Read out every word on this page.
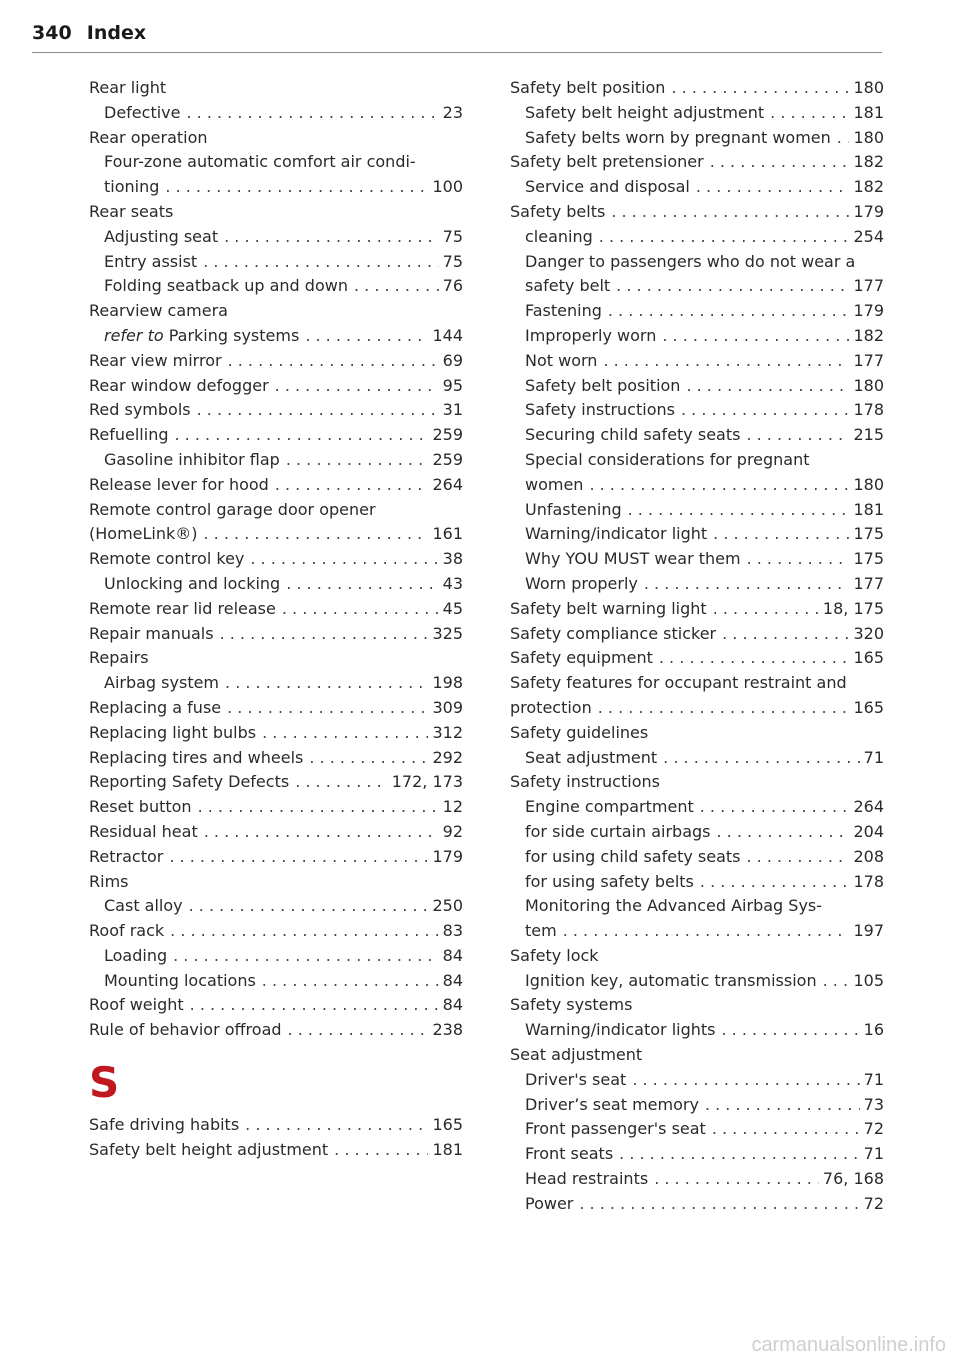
340 Index
Rear light
Defective . . .	23
Rear operation
Four-zone automatic comfort air condi-
tioning . . .	100
Rear seats
Adjusting seat . . .	75
Entry assist . . .	75
Folding seatback up and down . . .	76
Rearview camera
refer to Parking systems . . .	144
Rear view mirror . . .	69
Rear window defogger . . .	95
Red symbols . . .	31
Refuelling . . .	259
Gasoline inhibitor flap . . .	259
Release lever for hood . . .	264
Remote control garage door opener
(HomeLink®) . . .	161
Remote control key . . .	38
Unlocking and locking . . .	43
Remote rear lid release . . .	45
Repair manuals . . .	325
Repairs
Airbag system . . .	198
Replacing a fuse . . .	309
Replacing light bulbs . . .	312
Replacing tires and wheels . . .	292
Reporting Safety Defects . . .	172, 173
Reset button . . .	12
Residual heat . . .	92
Retractor . . .	179
Rims
Cast alloy . . .	250
Roof rack . . .	83
Loading . . .	84
Mounting locations . . .	84
Roof weight . . .	84
Rule of behavior offroad . . .	238
S
Safe driving habits . . .	165
Safety belt height adjustment . . .	181
Safety belt position . . .	180
Safety belt height adjustment . . .	181
Safety belts worn by pregnant women . . . 180
Safety belt pretensioner . . .	182
Service and disposal . . .	182
Safety belts . . .	179
cleaning . . .	254
Danger to passengers who do not wear a
safety belt . . .	177
Fastening . . .	179
Improperly worn . . .	182
Not worn . . .	177
Safety belt position . . .	180
Safety instructions . . .	178
Securing child safety seats . . .	215
Special considerations for pregnant
women . . .	180
Unfastening . . .	181
Warning/indicator light . . .	175
Why YOU MUST wear them . . .	175
Worn properly . . .	177
Safety belt warning light . . .	18, 175
Safety compliance sticker . . .	320
Safety equipment . . .	165
Safety features for occupant restraint and
protection . . .	165
Safety guidelines
Seat adjustment . . .	71
Safety instructions
Engine compartment . . .	264
for side curtain airbags . . .	204
for using child safety seats . . .	208
for using safety belts . . .	178
Monitoring the Advanced Airbag Sys-
tem . . .	197
Safety lock
Ignition key, automatic transmission . . . 105
Safety systems
Warning/indicator lights . . .	16
Seat adjustment
Driver's seat . . .	71
Driver’s seat memory . . .	73
Front passenger's seat . . .	72
Front seats . . .	71
Head restraints . . .	76, 168
Power . . .	72
carmanualsonline.info
